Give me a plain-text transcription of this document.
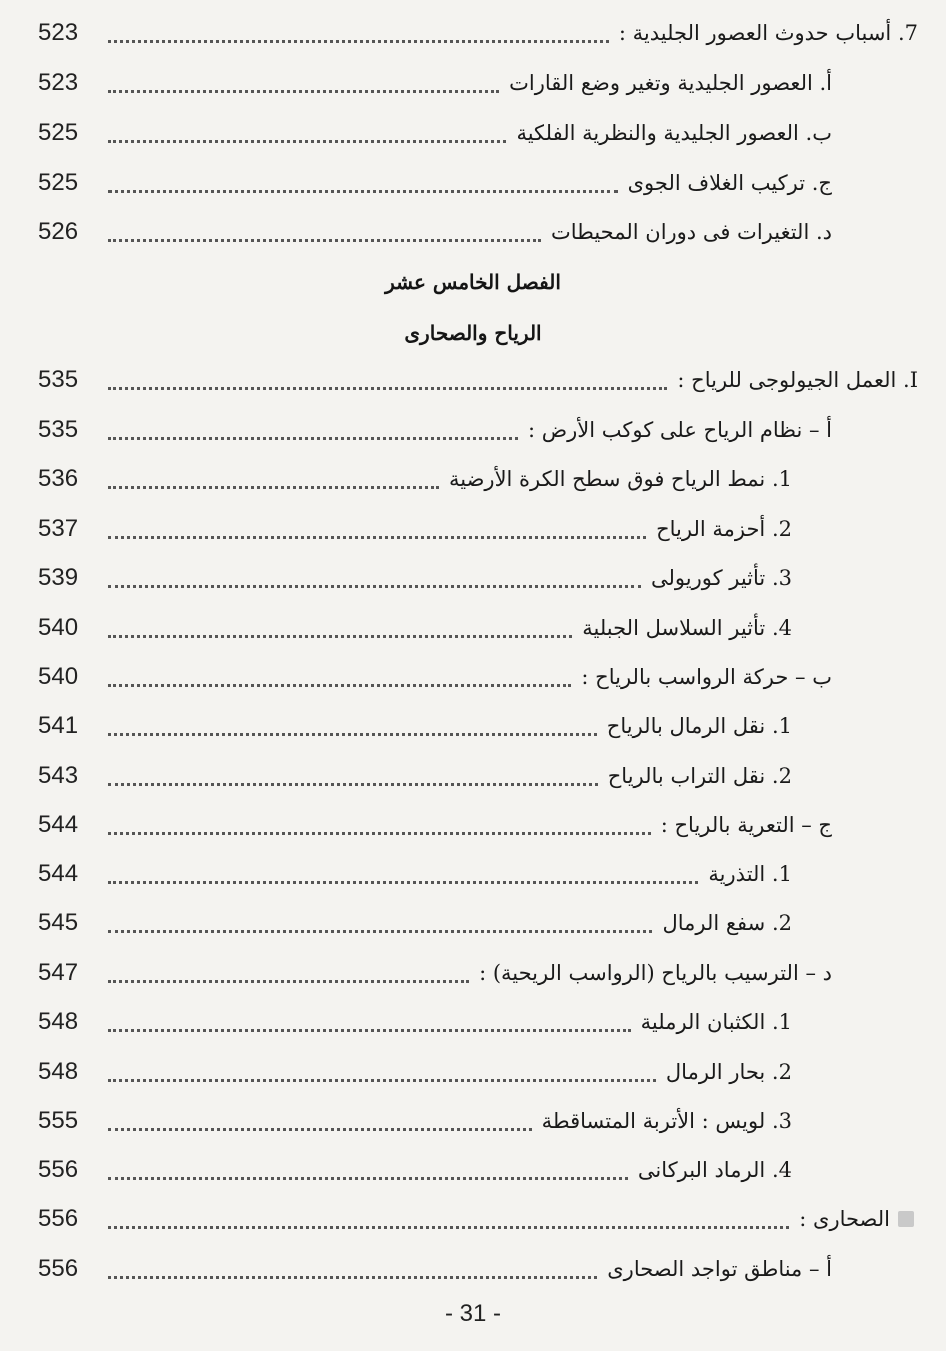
523	7. أسباب حدوث العصور الجليدية :
523	أ. العصور الجليدية وتغير وضع القارات
525	ب. العصور الجليدية والنظرية الفلكية
525	ج. تركيب الغلاف الجوى
526	د. التغيرات فى دوران المحيطات
الفصل الخامس عشر
الرياح والصحارى
535	I. العمل الجيولوجى للرياح :
535	أ – نظام الرياح على كوكب الأرض :
536	1. نمط الرياح فوق سطح الكرة الأرضية
537	2. أحزمة الرياح
539	3. تأثير كوريولى
540	4. تأثير السلاسل الجبلية
540	ب – حركة الرواسب بالرياح :
541	1. نقل الرمال بالرياح
543	2. نقل التراب بالرياح
544	ج – التعرية بالرياح :
544	1. التذرية
545	2. سفع الرمال
547	د – الترسيب بالرياح (الرواسب الريحية) :
548	1. الكثبان الرملية
548	2. بحار الرمال
555	3. لويس : الأتربة المتساقطة
556	4. الرماد البركانى
556	الصحارى :
556	أ – مناطق تواجد الصحارى
- 31 -
